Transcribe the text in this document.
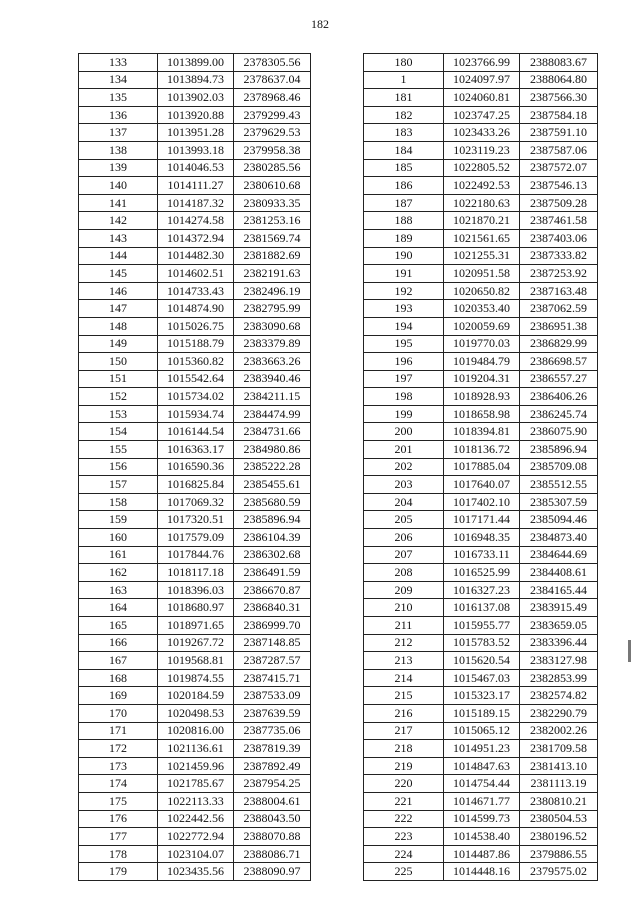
182
133	1013899.00	2378305.56
134	1013894.73	2378637.04
135	1013902.03	2378968.46
136	1013920.88	2379299.43
137	1013951.28	2379629.53
138	1013993.18	2379958.38
139	1014046.53	2380285.56
140	1014111.27	2380610.68
141	1014187.32	2380933.35
142	1014274.58	2381253.16
143	1014372.94	2381569.74
144	1014482.30	2381882.69
145	1014602.51	2382191.63
146	1014733.43	2382496.19
147	1014874.90	2382795.99
148	1015026.75	2383090.68
149	1015188.79	2383379.89
150	1015360.82	2383663.26
151	1015542.64	2383940.46
152	1015734.02	2384211.15
153	1015934.74	2384474.99
154	1016144.54	2384731.66
155	1016363.17	2384980.86
156	1016590.36	2385222.28
157	1016825.84	2385455.61
158	1017069.32	2385680.59
159	1017320.51	2385896.94
160	1017579.09	2386104.39
161	1017844.76	2386302.68
162	1018117.18	2386491.59
163	1018396.03	2386670.87
164	1018680.97	2386840.31
165	1018971.65	2386999.70
166	1019267.72	2387148.85
167	1019568.81	2387287.57
168	1019874.55	2387415.71
169	1020184.59	2387533.09
170	1020498.53	2387639.59
171	1020816.00	2387735.06
172	1021136.61	2387819.39
173	1021459.96	2387892.49
174	1021785.67	2387954.25
175	1022113.33	2388004.61
176	1022442.56	2388043.50
177	1022772.94	2388070.88
178	1023104.07	2388086.71
179	1023435.56	2388090.97
180	1023766.99	2388083.67
1	1024097.97	2388064.80
181	1024060.81	2387566.30
182	1023747.25	2387584.18
183	1023433.26	2387591.10
184	1023119.23	2387587.06
185	1022805.52	2387572.07
186	1022492.53	2387546.13
187	1022180.63	2387509.28
188	1021870.21	2387461.58
189	1021561.65	2387403.06
190	1021255.31	2387333.82
191	1020951.58	2387253.92
192	1020650.82	2387163.48
193	1020353.40	2387062.59
194	1020059.69	2386951.38
195	1019770.03	2386829.99
196	1019484.79	2386698.57
197	1019204.31	2386557.27
198	1018928.93	2386406.26
199	1018658.98	2386245.74
200	1018394.81	2386075.90
201	1018136.72	2385896.94
202	1017885.04	2385709.08
203	1017640.07	2385512.55
204	1017402.10	2385307.59
205	1017171.44	2385094.46
206	1016948.35	2384873.40
207	1016733.11	2384644.69
208	1016525.99	2384408.61
209	1016327.23	2384165.44
210	1016137.08	2383915.49
211	1015955.77	2383659.05
212	1015783.52	2383396.44
213	1015620.54	2383127.98
214	1015467.03	2382853.99
215	1015323.17	2382574.82
216	1015189.15	2382290.79
217	1015065.12	2382002.26
218	1014951.23	2381709.58
219	1014847.63	2381413.10
220	1014754.44	2381113.19
221	1014671.77	2380810.21
222	1014599.73	2380504.53
223	1014538.40	2380196.52
224	1014487.86	2379886.55
225	1014448.16	2379575.02
